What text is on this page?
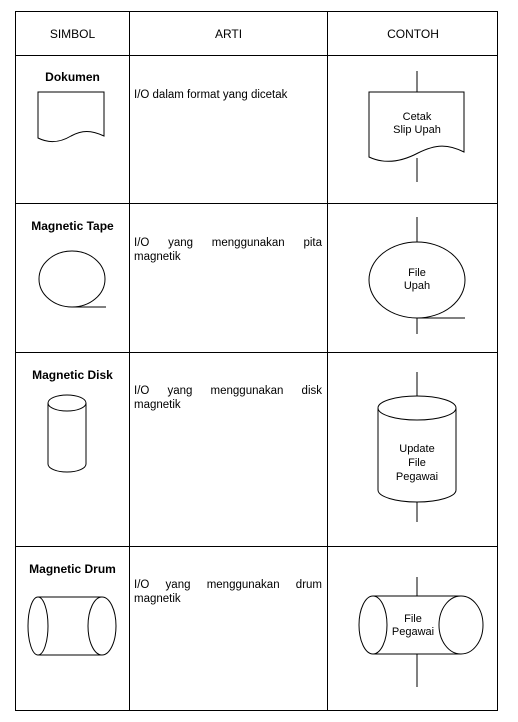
SIMBOL	ARTI	CONTOH
Dokumen
I/O dalam format yang dicetak
Cetak Slip Upah
Magnetic Tape
I/O yang menggunakan pita magnetik
File Upah
Magnetic Disk
I/O yang menggunakan disk magnetik
Update File Pegawai
Magnetic Drum
I/O yang menggunakan drum magnetik
File Pegawai
